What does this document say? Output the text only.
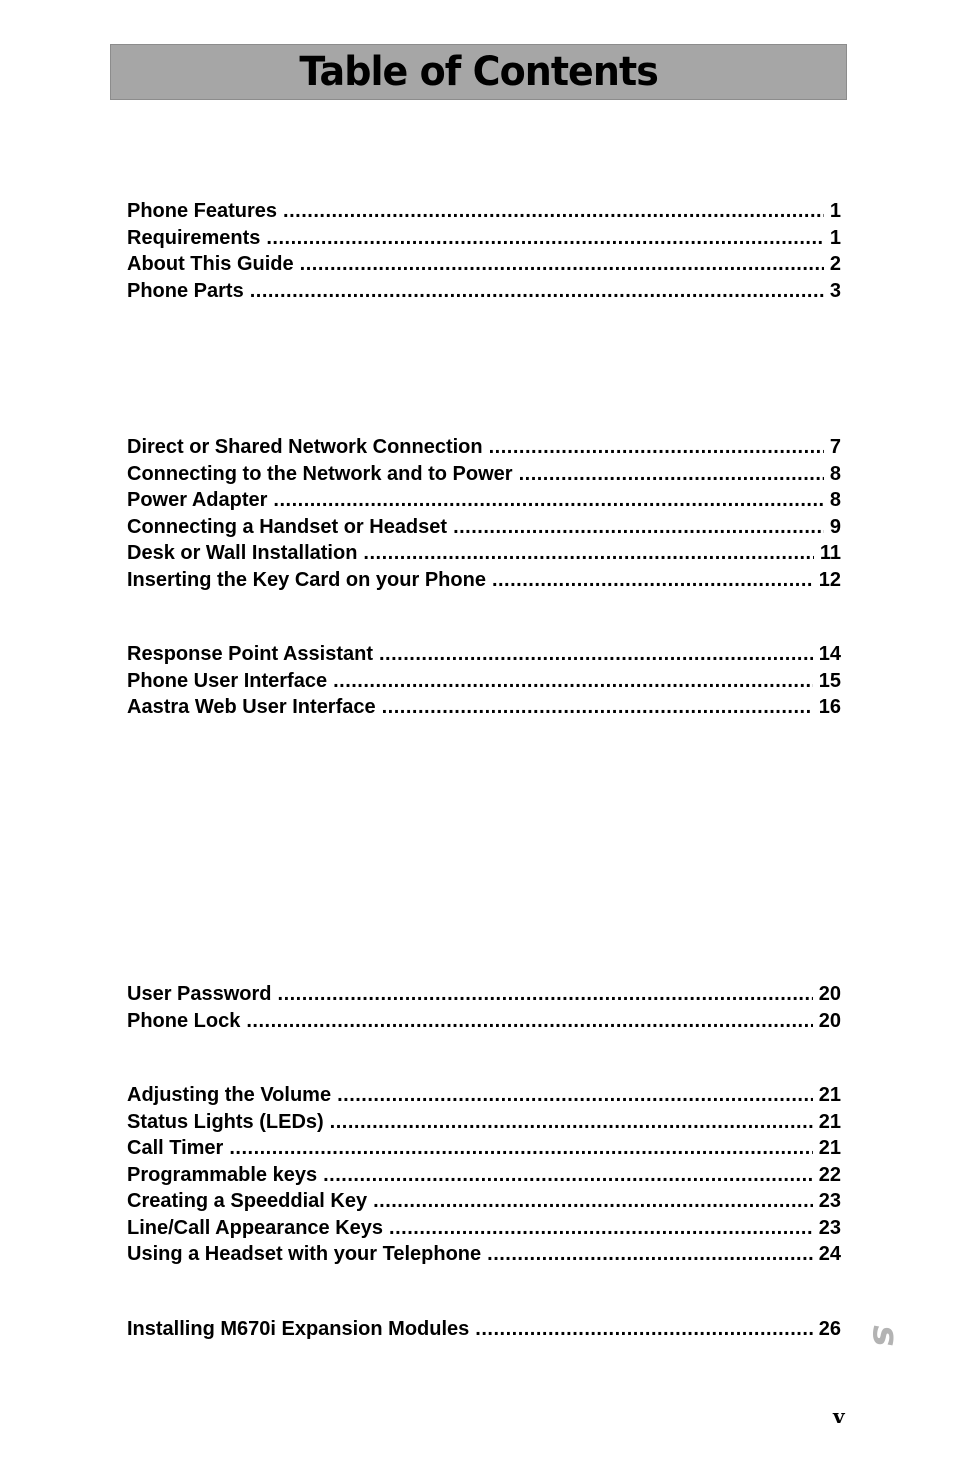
Table of Contents
Phone Features .....	1
Requirements .....	1
About This Guide .....	2
Phone Parts .....	3
Direct or Shared Network Connection .....	7
Connecting to the Network and to Power .....	8
Power Adapter .....	8
Connecting a Handset or Headset .....	9
Desk or Wall Installation .....	11
Inserting the Key Card on your Phone .....	12
Response Point Assistant .....	14
Phone User Interface .....	15
Aastra Web User Interface .....	16
User Password .....	20
Phone Lock .....	20
Adjusting the Volume .....	21
Status Lights (LEDs) .....	21
Call Timer .....	21
Programmable keys .....	22
Creating a Speeddial Key .....	23
Line/Call Appearance Keys .....	23
Using a Headset with your Telephone .....	24
Installing M670i Expansion Modules .....	26 s
v
